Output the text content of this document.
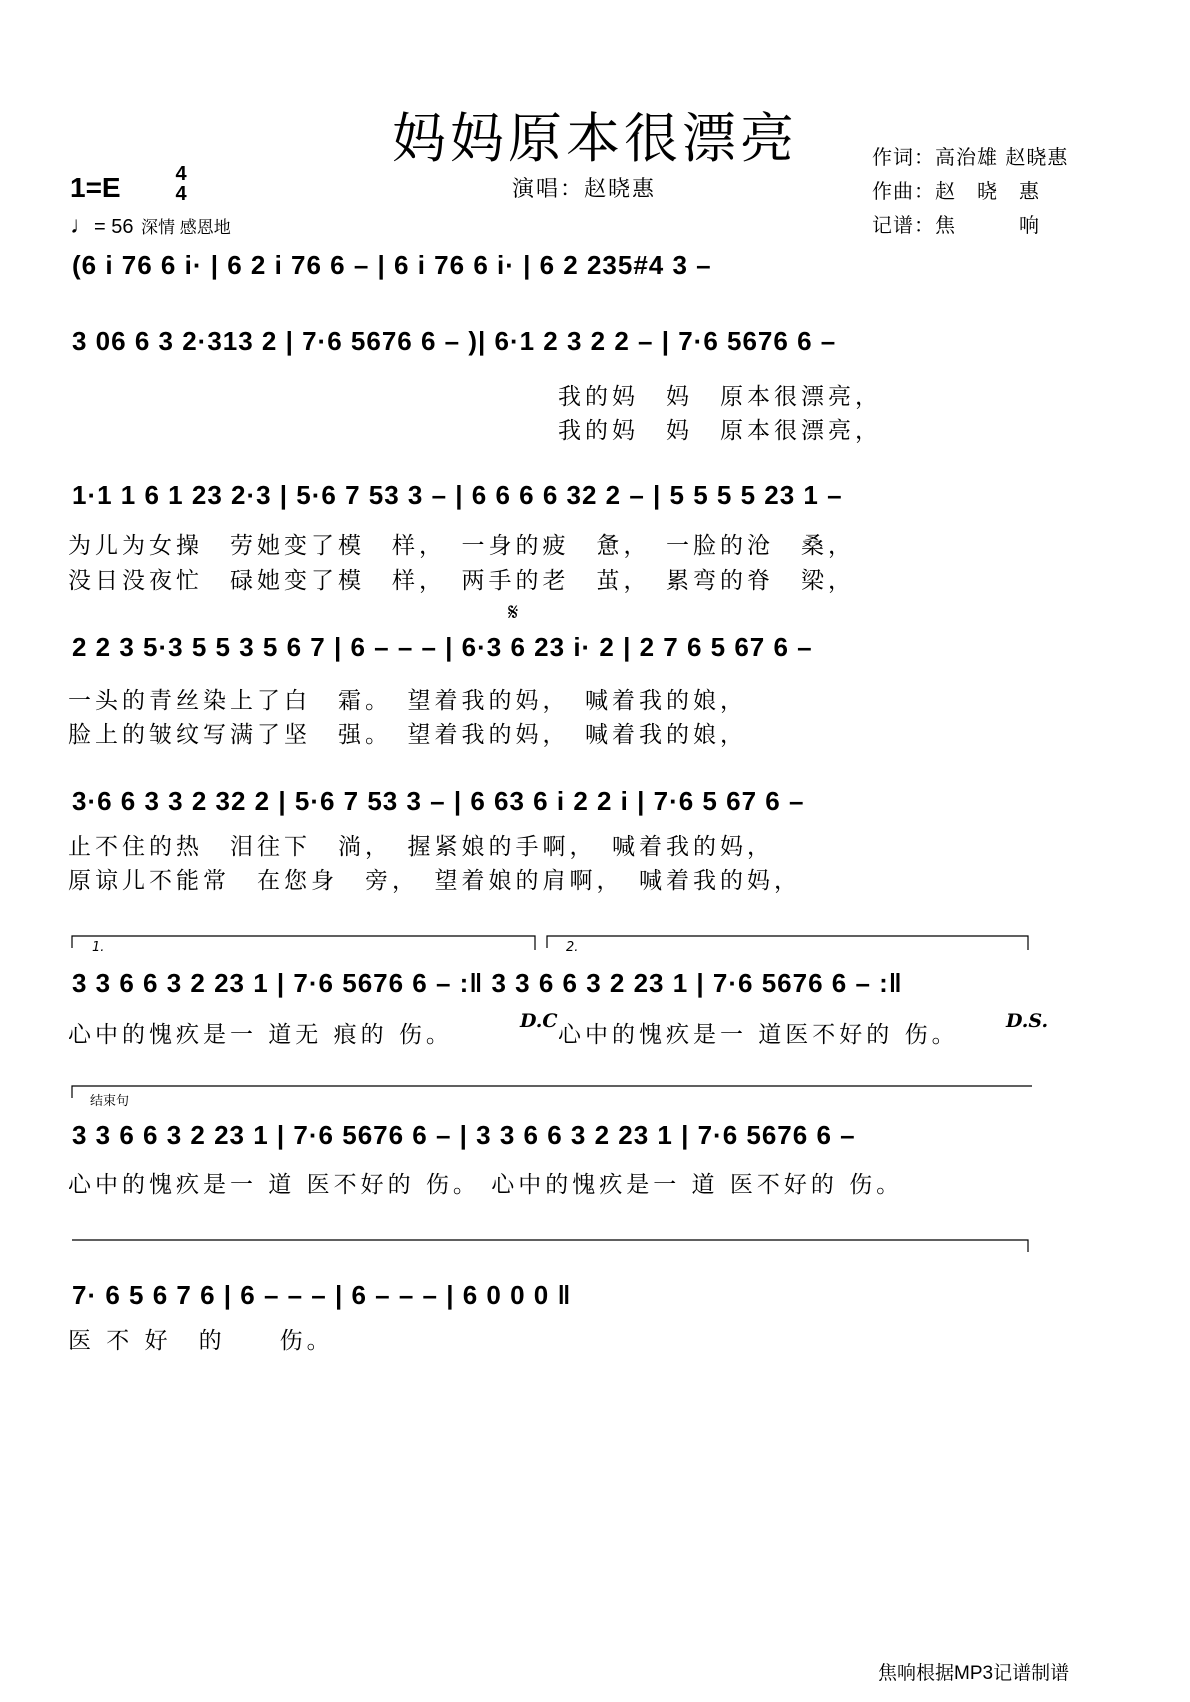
妈妈原本很漂亮
1=E	4
4
♩= 56 深情 感恩地
演唱：赵晓惠
作词：高治雄 赵晓惠
作曲：赵　晓　惠
记谱：焦　　　响
(6 i 76 6 i· | 6 2 i 76 6 – | 6 i 76 6 i· | 6 2 235#4 3 –
3 06 6 3 2·313 2 | 7·6 5676 6 – )| 6·1 2 3 2 2 – | 7·6 5676 6 –
我的妈　妈　原本很漂亮，
我的妈　妈　原本很漂亮，
1·1 1 6 1 23 2·3 | 5·6 7 53 3 – | 6 6 6 6 32 2 – | 5 5 5 5 23 1 –
为儿为女操　劳她变了模　样，　一身的疲　惫，　一脸的沧　桑，
没日没夜忙　碌她变了模　样，　两手的老　茧，　累弯的脊　梁，
𝄋
2 2 3 5·3 5 5 3 5 6 7 | 6 – – – | 6·3 6 23 i· 2 | 2 7 6 5 67 6 –
一头的青丝染上了白　霜。　望着我的妈，　喊着我的娘，
脸上的皱纹写满了坚　强。　望着我的妈，　喊着我的娘，
3·6 6 3 3 2 32 2 | 5·6 7 53 3 – | 6 63 6 i 2 2 i | 7·6 5 67 6 –
止不住的热　泪往下　淌，　握紧娘的手啊，　喊着我的妈，
原谅儿不能常　在您身　旁，　望着娘的肩啊，　喊着我的妈，
1.	2.
3 3 6 6 3 2 23 1 | 7·6 5676 6 – :‖ 3 3 6 6 3 2 23 1 | 7·6 5676 6 – :‖
心中的愧疚是一 道无 痕的 伤。
D.C
心中的愧疚是一 道医不好的 伤。
D.S.
结束句
3 3 6 6 3 2 23 1 | 7·6 5676 6 – | 3 3 6 6 3 2 23 1 | 7·6 5676 6 –
心中的愧疚是一 道 医不好的 伤。 心中的愧疚是一 道 医不好的 伤。
7· 6 5 6 7 6 | 6 – – – | 6 – – – | 6 0 0 0 ‖
医 不 好　的　　伤。
焦响根据MP3记谱制谱
